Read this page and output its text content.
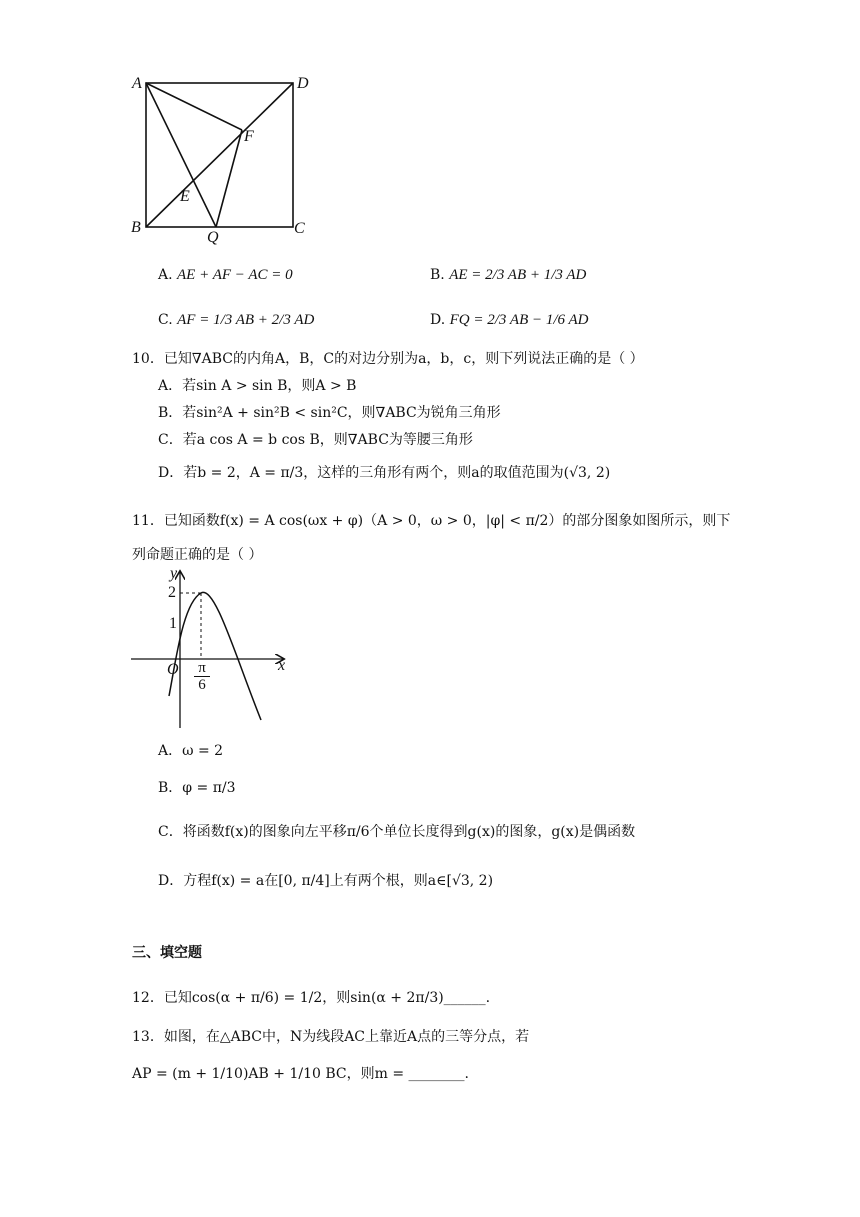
A	D
F
E
B
Q
C
A. AE + AF − AC = 0	B. AE = 2/3 AB + 1/3 AD
C. AF = 1/3 AB + 2/3 AD	D. FQ = 2/3 AB − 1/6 AD
10．已知∇ABC的内角A，B，C的对边分别为a，b，c，则下列说法正确的是（ ）
A．若sin A > sin B，则A > B
B．若sin²A + sin²B < sin²C，则∇ABC为锐角三角形
C．若a cos A = b cos B，则∇ABC为等腰三角形
D．若b = 2，A = π/3，这样的三角形有两个，则a的取值范围为(√3, 2)
11．已知函数f(x) = A cos(ωx + φ)（A > 0，ω > 0，|φ| < π/2）的部分图象如图所示，则下
列命题正确的是（ ）
y
x
O
2
1
$\frac{\pi}{6}$
A．ω = 2
B．φ = π/3
C．将函数f(x)的图象向左平移π/6个单位长度得到g(x)的图象，g(x)是偶函数
D．方程f(x) = a在[0, π/4]上有两个根，则a∈[√3, 2)
三、填空题
12．已知cos(α + π/6) = 1/2，则sin(α + 2π/3)______.
13．如图，在△ABC中，N为线段AC上靠近A点的三等分点，若
AP = (m + 1/10)AB + 1/10 BC，则m = ________.
